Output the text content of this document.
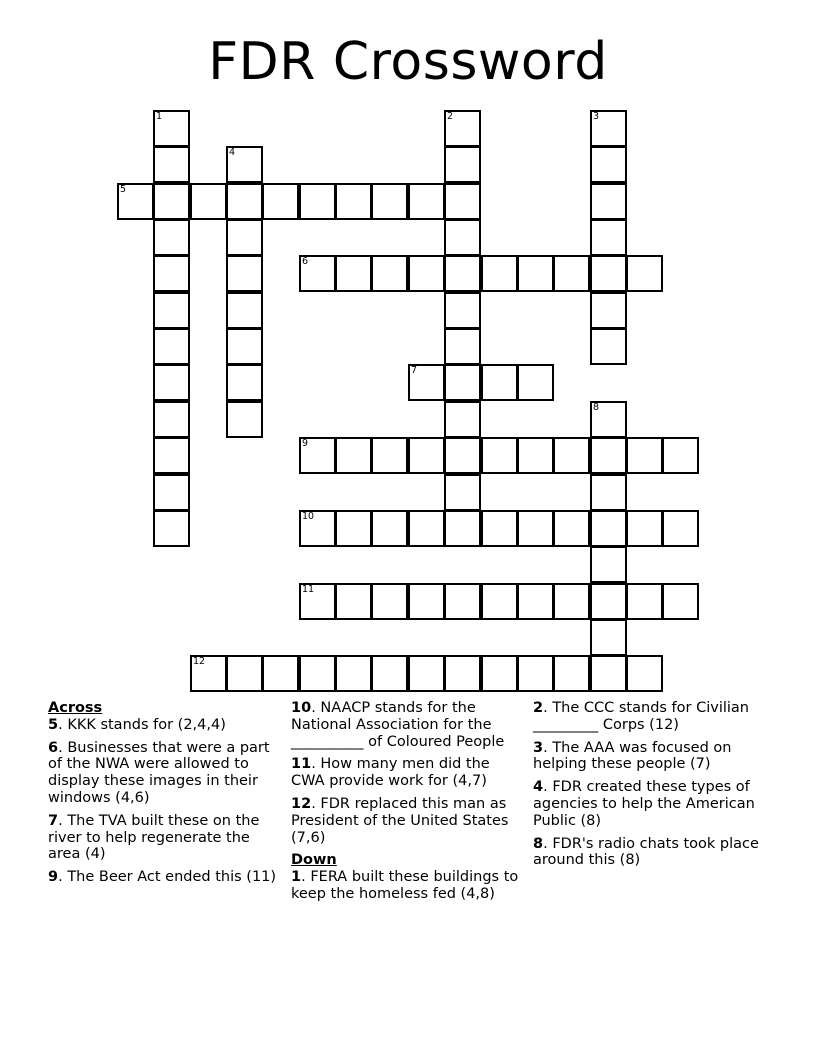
FDR Crossword
5
6
7
9
10
11
12
1	2	3
4
8
Across
5. KKK stands for (2,4,4)
6. Businesses that were a part of the NWA were allowed to display these images in their windows (4,6)
7. The TVA built these on the river to help regenerate the area (4)
9. The Beer Act ended this (11)
10. NAACP stands for the National Association for the __________ of Coloured People
11. How many men did the CWA provide work for (4,7)
12. FDR replaced this man as President of the United States (7,6)
Down
1. FERA built these buildings to keep the homeless fed (4,8)
2. The CCC stands for Civilian _________ Corps (12)
3. The AAA was focused on helping these people (7)
4. FDR created these types of agencies to help the American Public (8)
8. FDR's radio chats took place around this (8)
